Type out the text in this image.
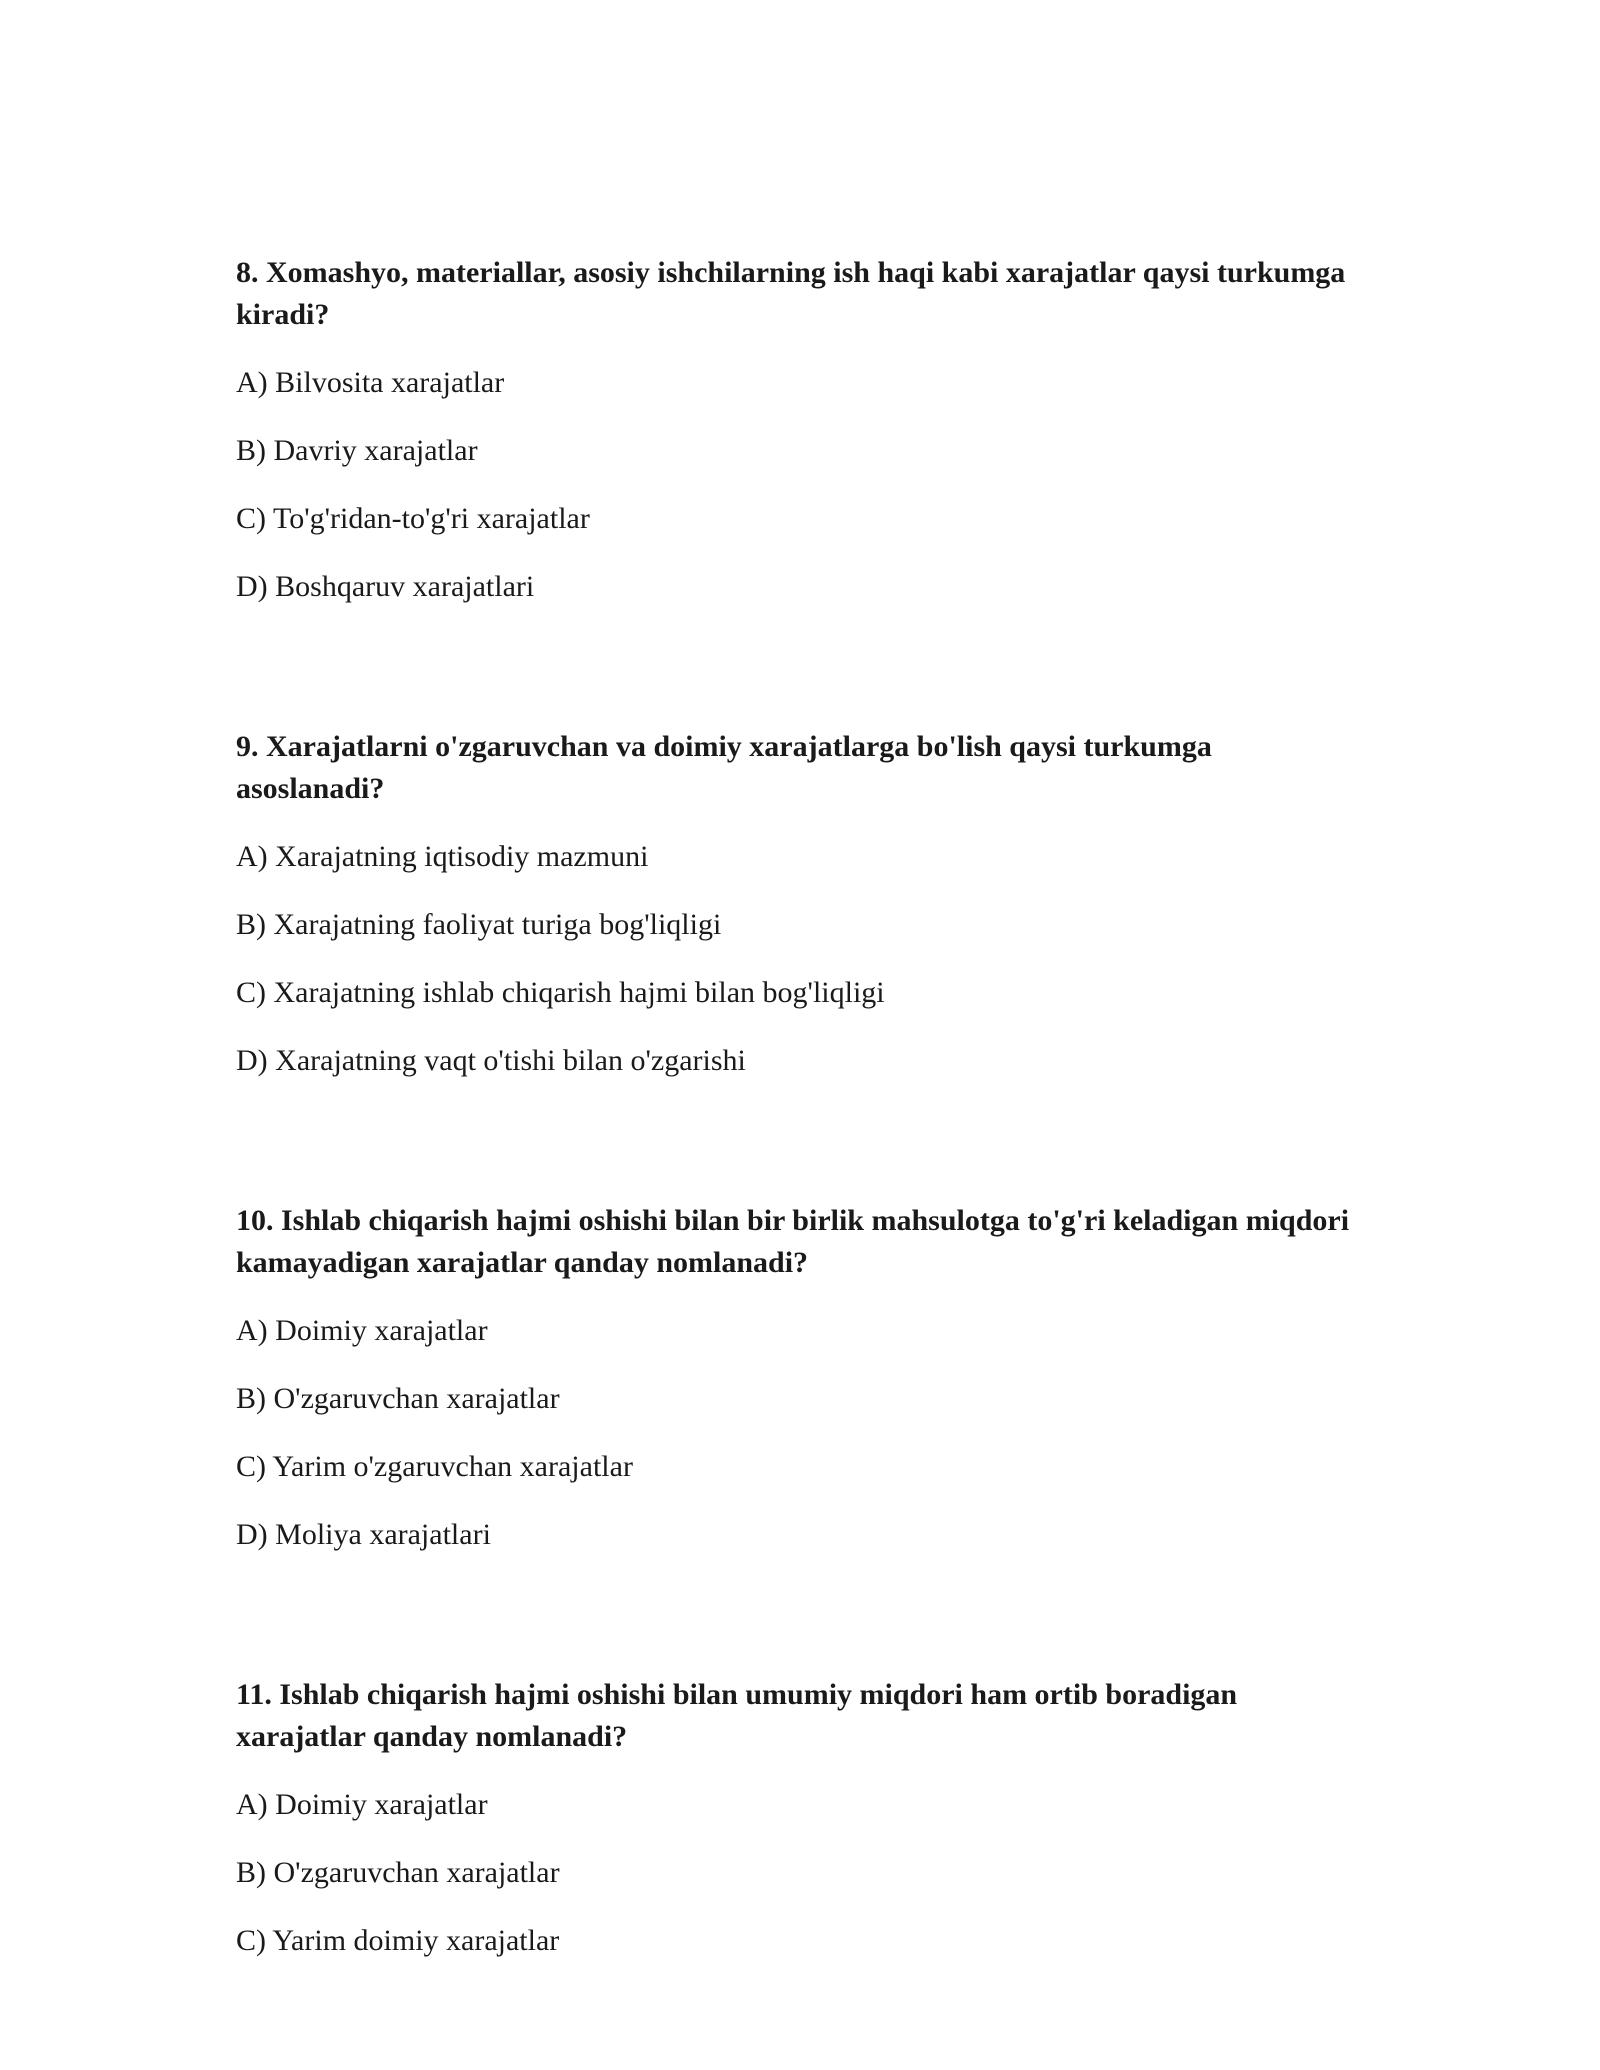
8. Xomashyo, materiallar, asosiy ishchilarning ish haqi kabi xarajatlar qaysi turkumga kiradi?
A) Bilvosita xarajatlar
B) Davriy xarajatlar
C) To'g'ridan-to'g'ri xarajatlar
D) Boshqaruv xarajatlari
9. Xarajatlarni o'zgaruvchan va doimiy xarajatlarga bo'lish qaysi turkumga asoslanadi?
A) Xarajatning iqtisodiy mazmuni
B) Xarajatning faoliyat turiga bog'liqligi
C) Xarajatning ishlab chiqarish hajmi bilan bog'liqligi
D) Xarajatning vaqt o'tishi bilan o'zgarishi
10. Ishlab chiqarish hajmi oshishi bilan bir birlik mahsulotga to'g'ri keladigan miqdori kamayadigan xarajatlar qanday nomlanadi?
A) Doimiy xarajatlar
B) O'zgaruvchan xarajatlar
C) Yarim o'zgaruvchan xarajatlar
D) Moliya xarajatlari
11. Ishlab chiqarish hajmi oshishi bilan umumiy miqdori ham ortib boradigan xarajatlar qanday nomlanadi?
A) Doimiy xarajatlar
B) O'zgaruvchan xarajatlar
C) Yarim doimiy xarajatlar
